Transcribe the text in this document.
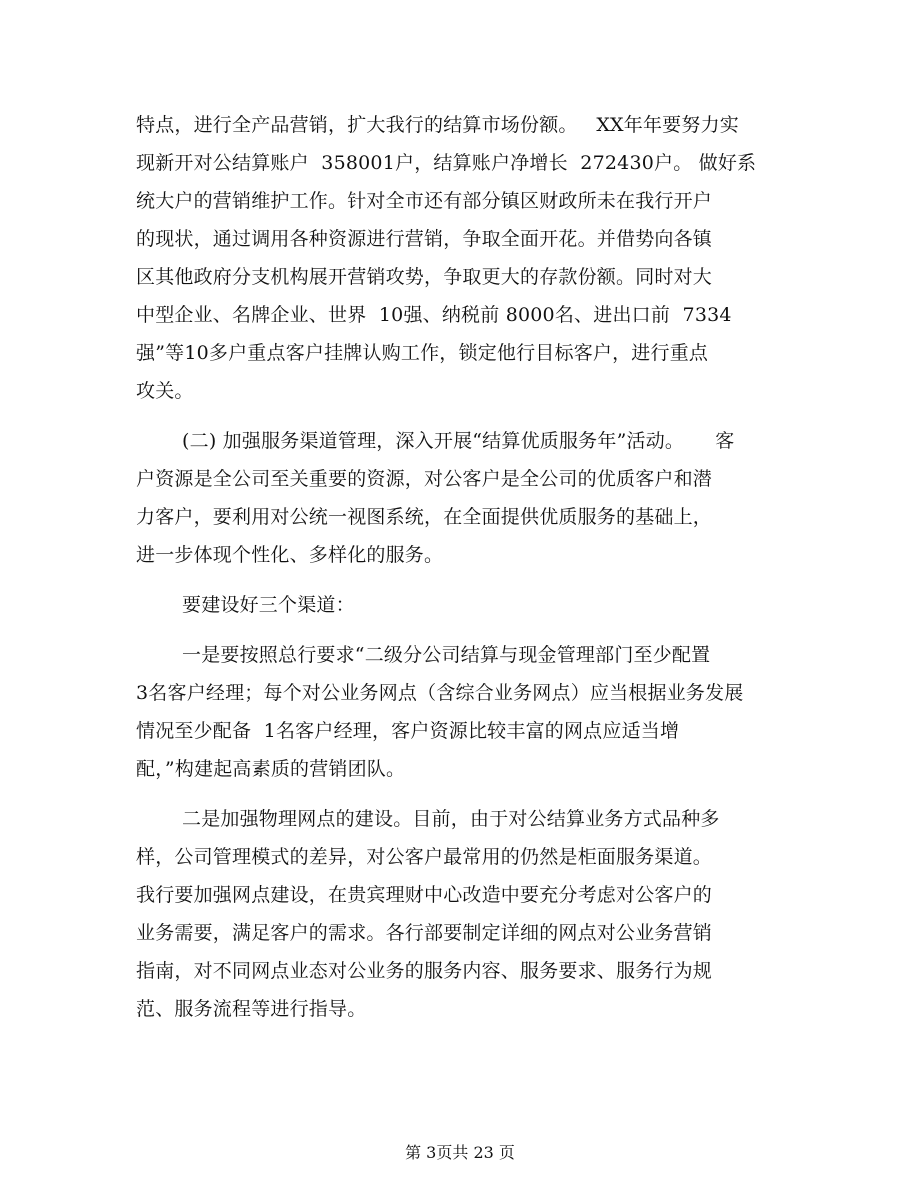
特点，进行全产品营销，扩大我行的结算市场份额。   XX年年要努力实
现新开对公结算账户  358001户，结算账户净增长  272430户。 做好系
统大户的营销维护工作。针对全市还有部分镇区财政所未在我行开户
的现状，通过调用各种资源进行营销，争取全面开花。并借势向各镇
区其他政府分支机构展开营销攻势，争取更大的存款份额。同时对大
中型企业、名牌企业、世界  10强、纳税前 8000名、进出口前  7334
强”等10多户重点客户挂牌认购工作，锁定他行目标客户，进行重点
攻关。
(二) 加强服务渠道管理，深入开展“结算优质服务年”活动。     客
户资源是全公司至关重要的资源，对公客户是全公司的优质客户和潜
力客户，要利用对公统一视图系统，在全面提供优质服务的基础上，
进一步体现个性化、多样化的服务。
要建设好三个渠道：
一是要按照总行要求“二级分公司结算与现金管理部门至少配置
3名客户经理；每个对公业务网点（含综合业务网点）应当根据业务发展
情况至少配备  1名客户经理，客户资源比较丰富的网点应适当增
配，”构建起高素质的营销团队。
二是加强物理网点的建设。目前，由于对公结算业务方式品种多
样，公司管理模式的差异，对公客户最常用的仍然是柜面服务渠道。
我行要加强网点建设，在贵宾理财中心改造中要充分考虑对公客户的
业务需要，满足客户的需求。各行部要制定详细的网点对公业务营销
指南，对不同网点业态对公业务的服务内容、服务要求、服务行为规
范、服务流程等进行指导。
第 3页共 23 页
